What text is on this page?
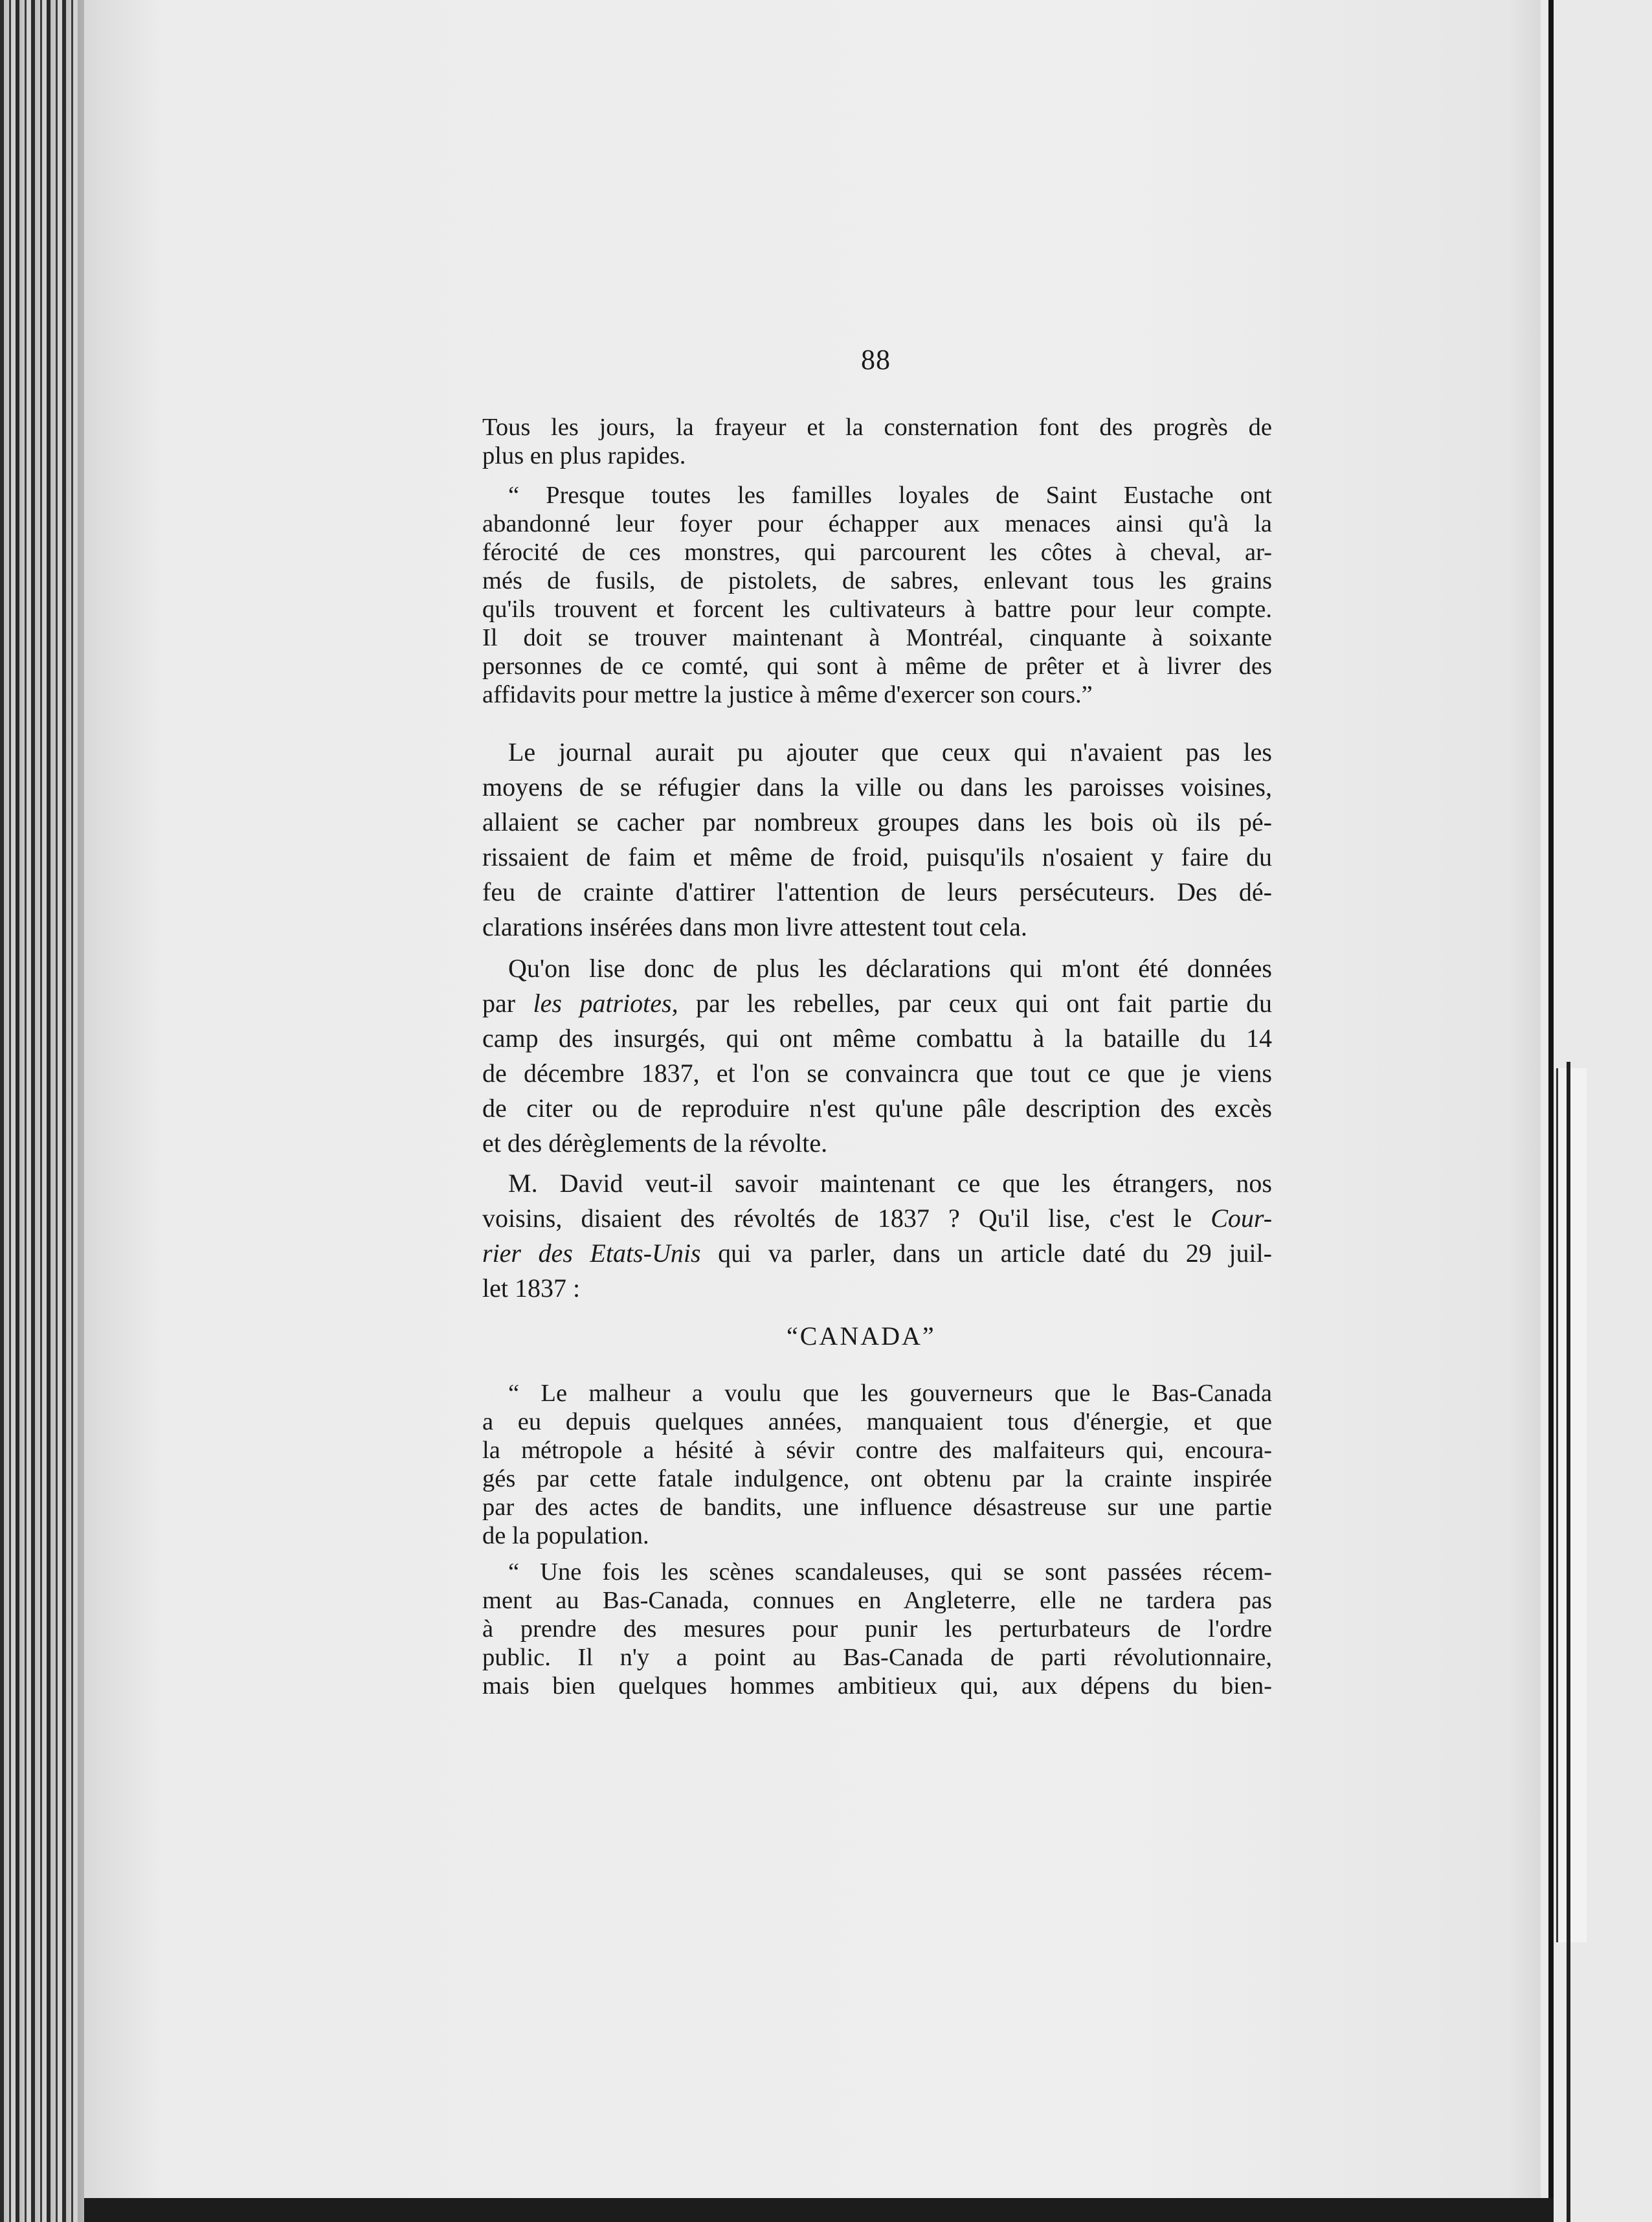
88
Tous les jours, la frayeur et la consternation font des progrès de
plus en plus rapides.
“ Presque toutes les familles loyales de Saint Eustache ont
abandonné leur foyer pour échapper aux menaces ainsi qu'à la
férocité de ces monstres, qui parcourent les côtes à cheval, ar-
més de fusils, de pistolets, de sabres, enlevant tous les grains
qu'ils trouvent et forcent les cultivateurs à battre pour leur compte.
Il doit se trouver maintenant à Montréal, cinquante à soixante
personnes de ce comté, qui sont à même de prêter et à livrer des
affidavits pour mettre la justice à même d'exercer son cours.”
Le journal aurait pu ajouter que ceux qui n'avaient pas les
moyens de se réfugier dans la ville ou dans les paroisses voisines,
allaient se cacher par nombreux groupes dans les bois où ils pé-
rissaient de faim et même de froid, puisqu'ils n'osaient y faire du
feu de crainte d'attirer l'attention de leurs persécuteurs. Des dé-
clarations insérées dans mon livre attestent tout cela.
Qu'on lise donc de plus les déclarations qui m'ont été données
par les patriotes, par les rebelles, par ceux qui ont fait partie du
camp des insurgés, qui ont même combattu à la bataille du 14
de décembre 1837, et l'on se convaincra que tout ce que je viens
de citer ou de reproduire n'est qu'une pâle description des excès
et des dérèglements de la révolte.
M. David veut-il savoir maintenant ce que les étrangers, nos
voisins, disaient des révoltés de 1837 ? Qu'il lise, c'est le Cour-
rier des Etats-Unis qui va parler, dans un article daté du 29 juil-
let 1837 :
“ Le malheur a voulu que les gouverneurs que le Bas-Canada
a eu depuis quelques années, manquaient tous d'énergie, et que
la métropole a hésité à sévir contre des malfaiteurs qui, encoura-
gés par cette fatale indulgence, ont obtenu par la crainte inspirée
par des actes de bandits, une influence désastreuse sur une partie
de la population.
“ Une fois les scènes scandaleuses, qui se sont passées récem-
ment au Bas-Canada, connues en Angleterre, elle ne tardera pas
à prendre des mesures pour punir les perturbateurs de l'ordre
public. Il n'y a point au Bas-Canada de parti révolutionnaire,
mais bien quelques hommes ambitieux qui, aux dépens du bien-
“CANADA”
